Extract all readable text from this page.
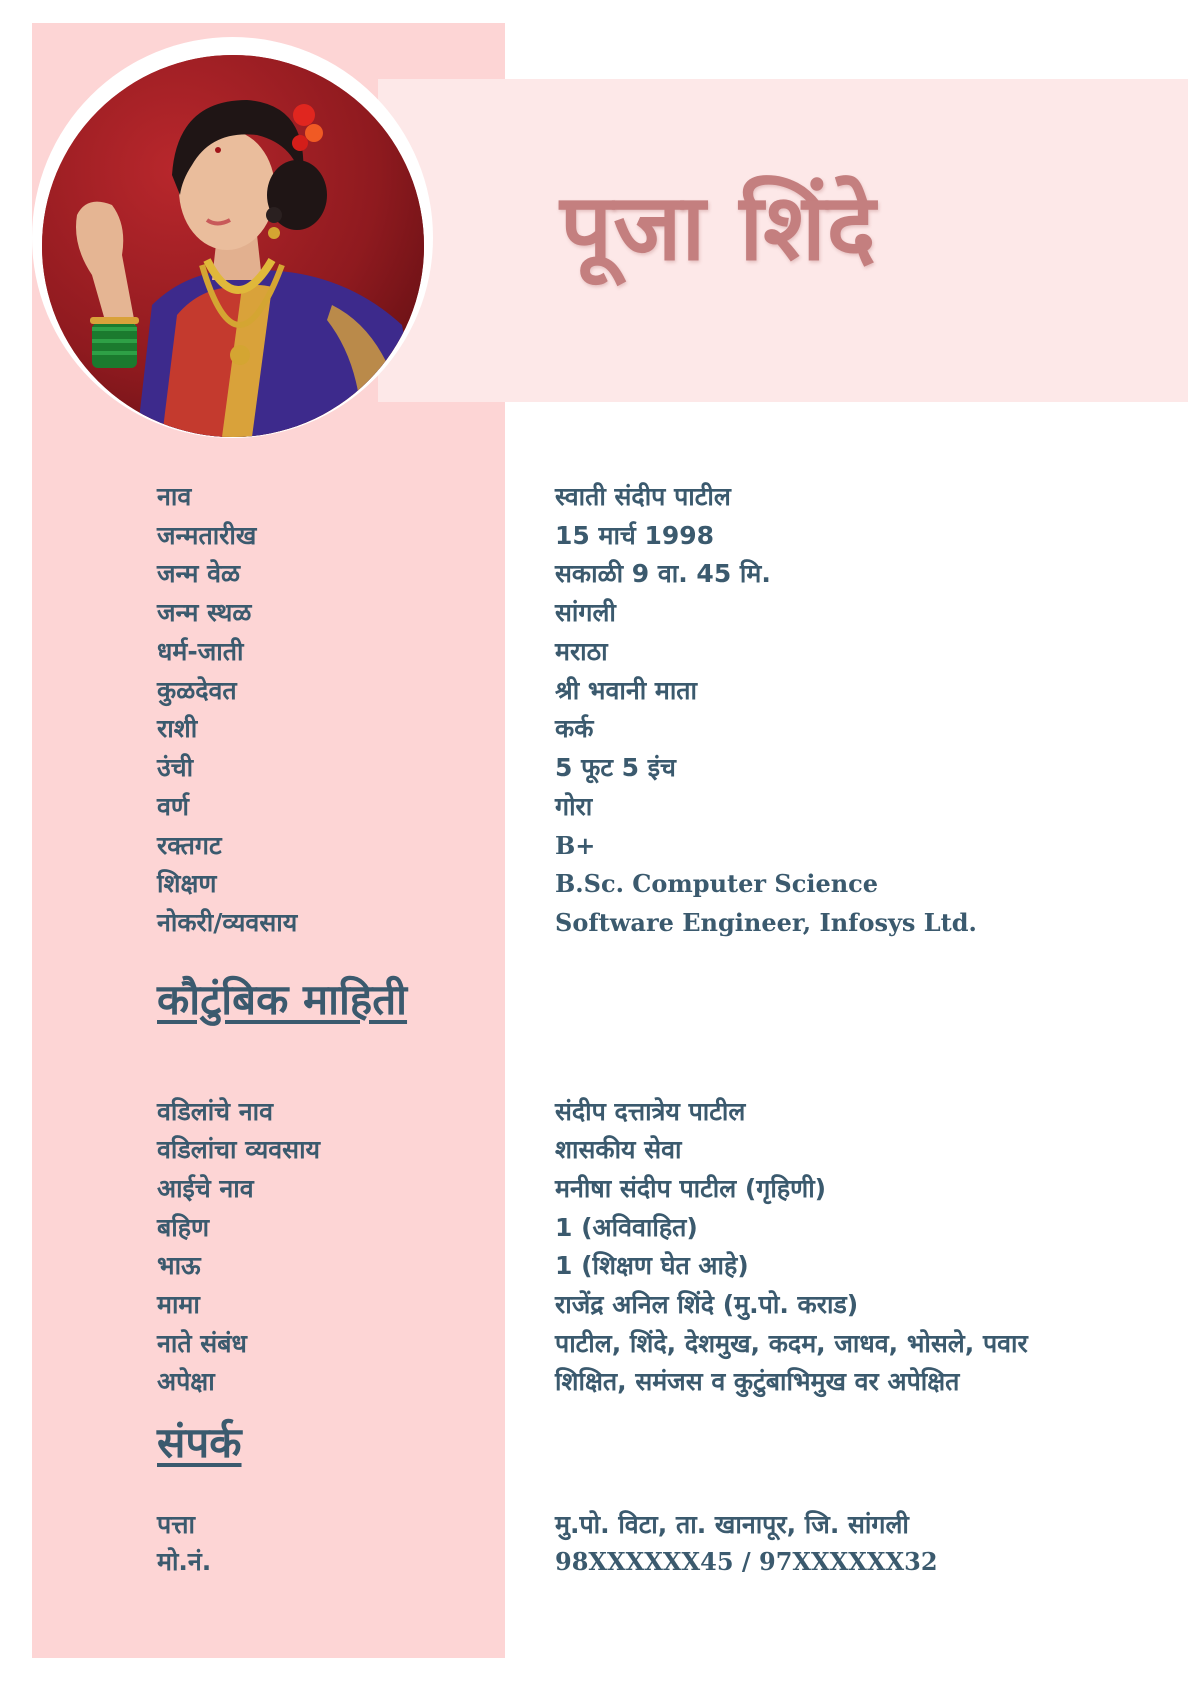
पूजा शिंदे
नाव	स्वाती संदीप पाटील
जन्मतारीख	15 मार्च 1998
जन्म वेळ	सकाळी 9 वा. 45 मि.
जन्म स्थळ	सांगली
धर्म-जाती	मराठा
कुळदेवत	श्री भवानी माता
राशी	कर्क
उंची	5 फूट 5 इंच
वर्ण	गोरा
रक्तगट	B+
शिक्षण	B.Sc. Computer Science
नोकरी/व्यवसाय	Software Engineer, Infosys Ltd.
कौटुंबिक माहिती
वडिलांचे नाव	संदीप दत्तात्रेय पाटील
वडिलांचा व्यवसाय	शासकीय सेवा
आईचे नाव	मनीषा संदीप पाटील (गृहिणी)
बहिण	1 (अविवाहित)
भाऊ	1 (शिक्षण घेत आहे)
मामा	राजेंद्र अनिल शिंदे (मु.पो. कराड)
नाते संबंध	पाटील, शिंदे, देशमुख, कदम, जाधव, भोसले, पवार
अपेक्षा	शिक्षित, समंजस व कुटुंबाभिमुख वर अपेक्षित
संपर्क
पत्ता	मु.पो. विटा, ता. खानापूर, जि. सांगली
मो.नं.	98XXXXXX45 / 97XXXXXX32
